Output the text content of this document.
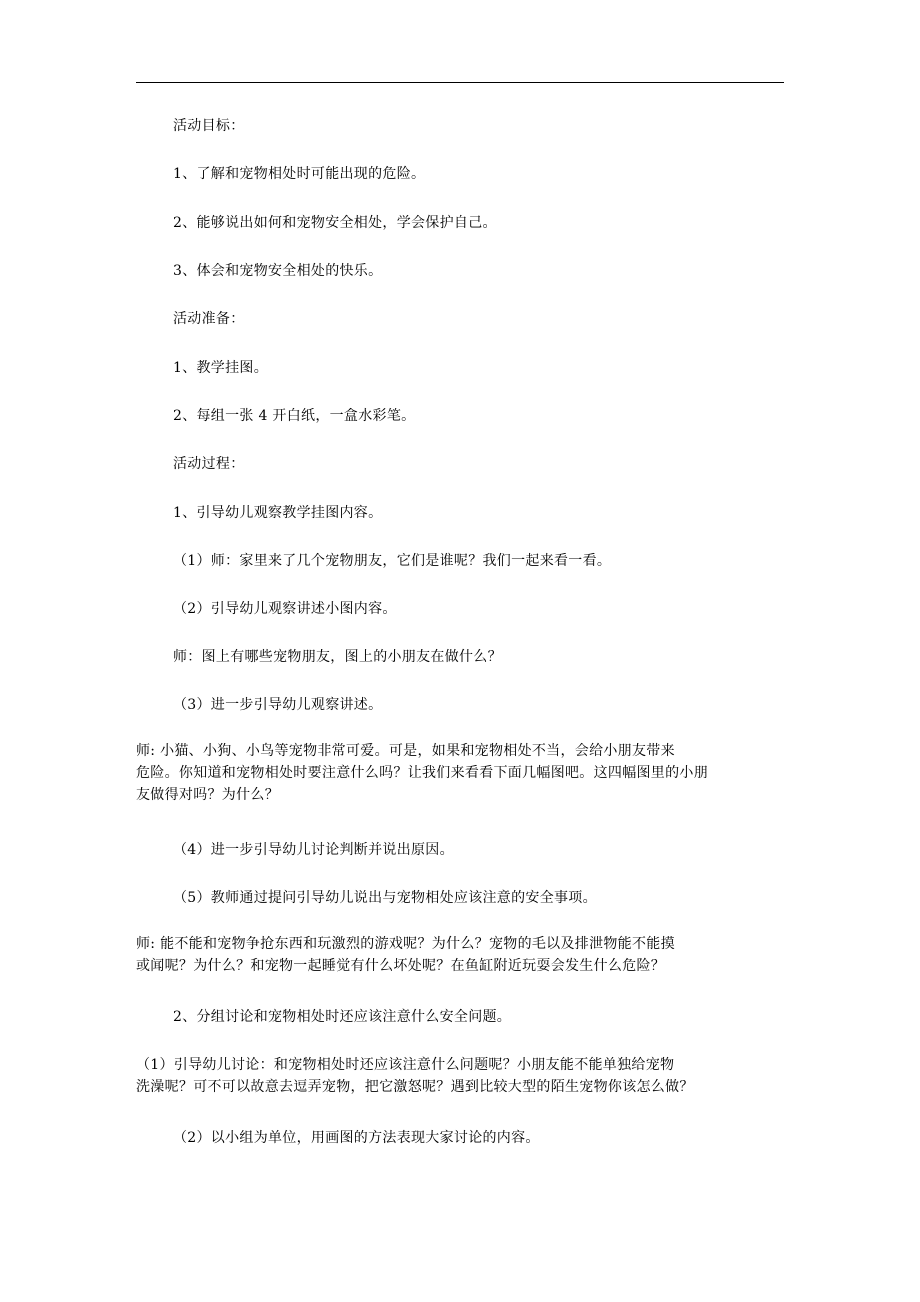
活动目标：
1、了解和宠物相处时可能出现的危险。
2、能够说出如何和宠物安全相处，学会保护自己。
3、体会和宠物安全相处的快乐。
活动准备：
1、教学挂图。
2、每组一张 4 开白纸，一盒水彩笔。
活动过程：
1、引导幼儿观察教学挂图内容。
（1）师：家里来了几个宠物朋友，它们是谁呢？我们一起来看一看。
（2）引导幼儿观察讲述小图内容。
师：图上有哪些宠物朋友，图上的小朋友在做什么？
（3）进一步引导幼儿观察讲述。
师: 小猫、小狗、小鸟等宠物非常可爱。可是，如果和宠物相处不当，会给小朋友带来
危险。你知道和宠物相处时要注意什么吗？让我们来看看下面几幅图吧。这四幅图里的小朋
友做得对吗？为什么？
（4）进一步引导幼儿讨论判断并说出原因。
（5）教师通过提问引导幼儿说出与宠物相处应该注意的安全事项。
师: 能不能和宠物争抢东西和玩激烈的游戏呢？为什么？宠物的毛以及排泄物能不能摸
或闻呢？为什么？和宠物一起睡觉有什么坏处呢？在鱼缸附近玩耍会发生什么危险？
2、分组讨论和宠物相处时还应该注意什么安全问题。
（1）引导幼儿讨论：和宠物相处时还应该注意什么问题呢？小朋友能不能单独给宠物
洗澡呢？可不可以故意去逗弄宠物，把它激怒呢？遇到比较大型的陌生宠物你该怎么做？
（2）以小组为单位，用画图的方法表现大家讨论的内容。
